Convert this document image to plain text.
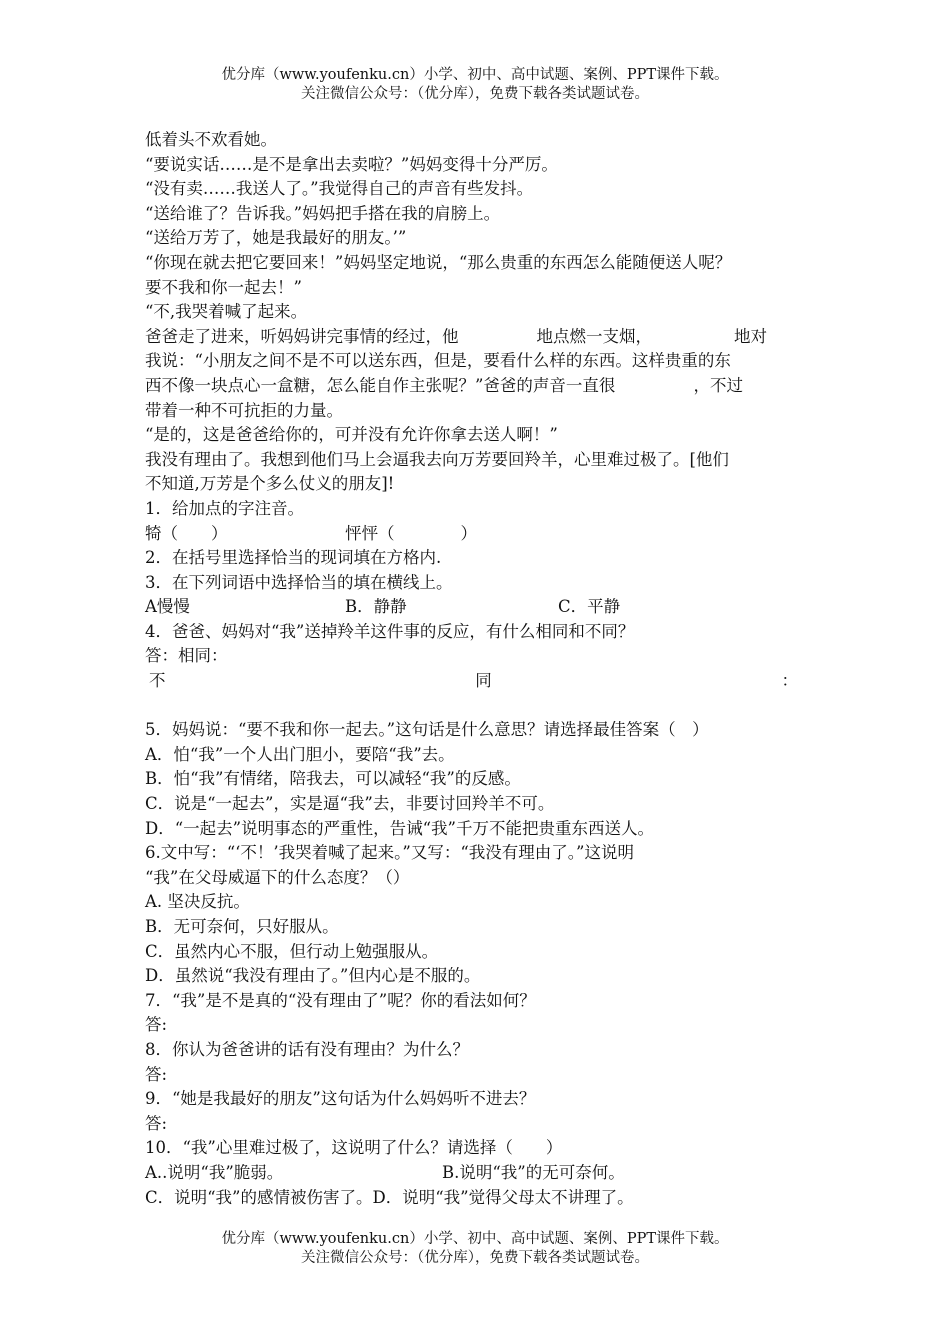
优分库（www.youfenku.cn）小学、初中、高中试题、案例、PPT课件下载。
关注微信公众号：（优分库），免费下载各类试题试卷。
低着头不欢看她。
“要说实话……是不是拿出去卖啦？”妈妈变得十分严厉。
“没有卖……我送人了。”我觉得自己的声音有些发抖。
“送给谁了？告诉我。”妈妈把手搭在我的肩膀上。
“送给万芳了，她是我最好的朋友。’”
“你现在就去把它要回来！”妈妈坚定地说，“那么贵重的东西怎么能随便送人呢？
要不我和你一起去！”
“不,我哭着喊了起来。
爸爸走了进来，听妈妈讲完事情的经过，他	地点燃一支烟，	地对
我说：“小朋友之间不是不可以送东西，但是，要看什么样的东西。这样贵重的东
西不像一块点心一盒糖，怎么能自作主张呢？”爸爸的声音一直很	，不过
带着一种不可抗拒的力量。
“是的，这是爸爸给你的，可并没有允许你拿去送人啊！”
我没有理由了。我想到他们马上会逼我去向万芳要回羚羊，心里难过极了。[他们
不知道,万芳是个多么仗义的朋友]!
1．给加点的字注音。
犄（　　）	怦怦（　　　　）
2．在括号里选择恰当的现词填在方格内.
3．在下列词语中选择恰当的填在横线上。
A慢慢	B．静静	C．平静
4．爸爸、妈妈对“我”送掉羚羊这件事的反应，有什么相同和不同？
答：相同：
不	同	：
5．妈妈说：“要不我和你一起去。”这句话是什么意思？请选择最佳答案（　）
A．怕“我”一个人出门胆小，要陪“我”去。
B．怕“我”有情绪，陪我去，可以减轻“我”的反感。
C．说是“一起去”，实是逼“我”去，非要讨回羚羊不可。
D．“一起去”说明事态的严重性，告诫“我”千万不能把贵重东西送人。
6.文中写：“‘不！’我哭着喊了起来。”又写：“我没有理由了。”这说明
“我”在父母威逼下的什么态度？（）
A. 坚决反抗。
B．无可奈何，只好服从。
C．虽然内心不服，但行动上勉强服从。
D．虽然说“我没有理由了。”但内心是不服的。
7．“我”是不是真的“没有理由了”呢？你的看法如何？
答:
8．你认为爸爸讲的话有没有理由？为什么？
答:
9．“她是我最好的朋友”这句话为什么妈妈听不进去？
答:
10．“我”心里难过极了，这说明了什么？请选择（　　）
A..说明“我”脆弱。	B.说明“我”的无可奈何。
C．说明“我”的感情被伤害了。D．说明“我”觉得父母太不讲理了。
优分库（www.youfenku.cn）小学、初中、高中试题、案例、PPT课件下载。
关注微信公众号：（优分库），免费下载各类试题试卷。
